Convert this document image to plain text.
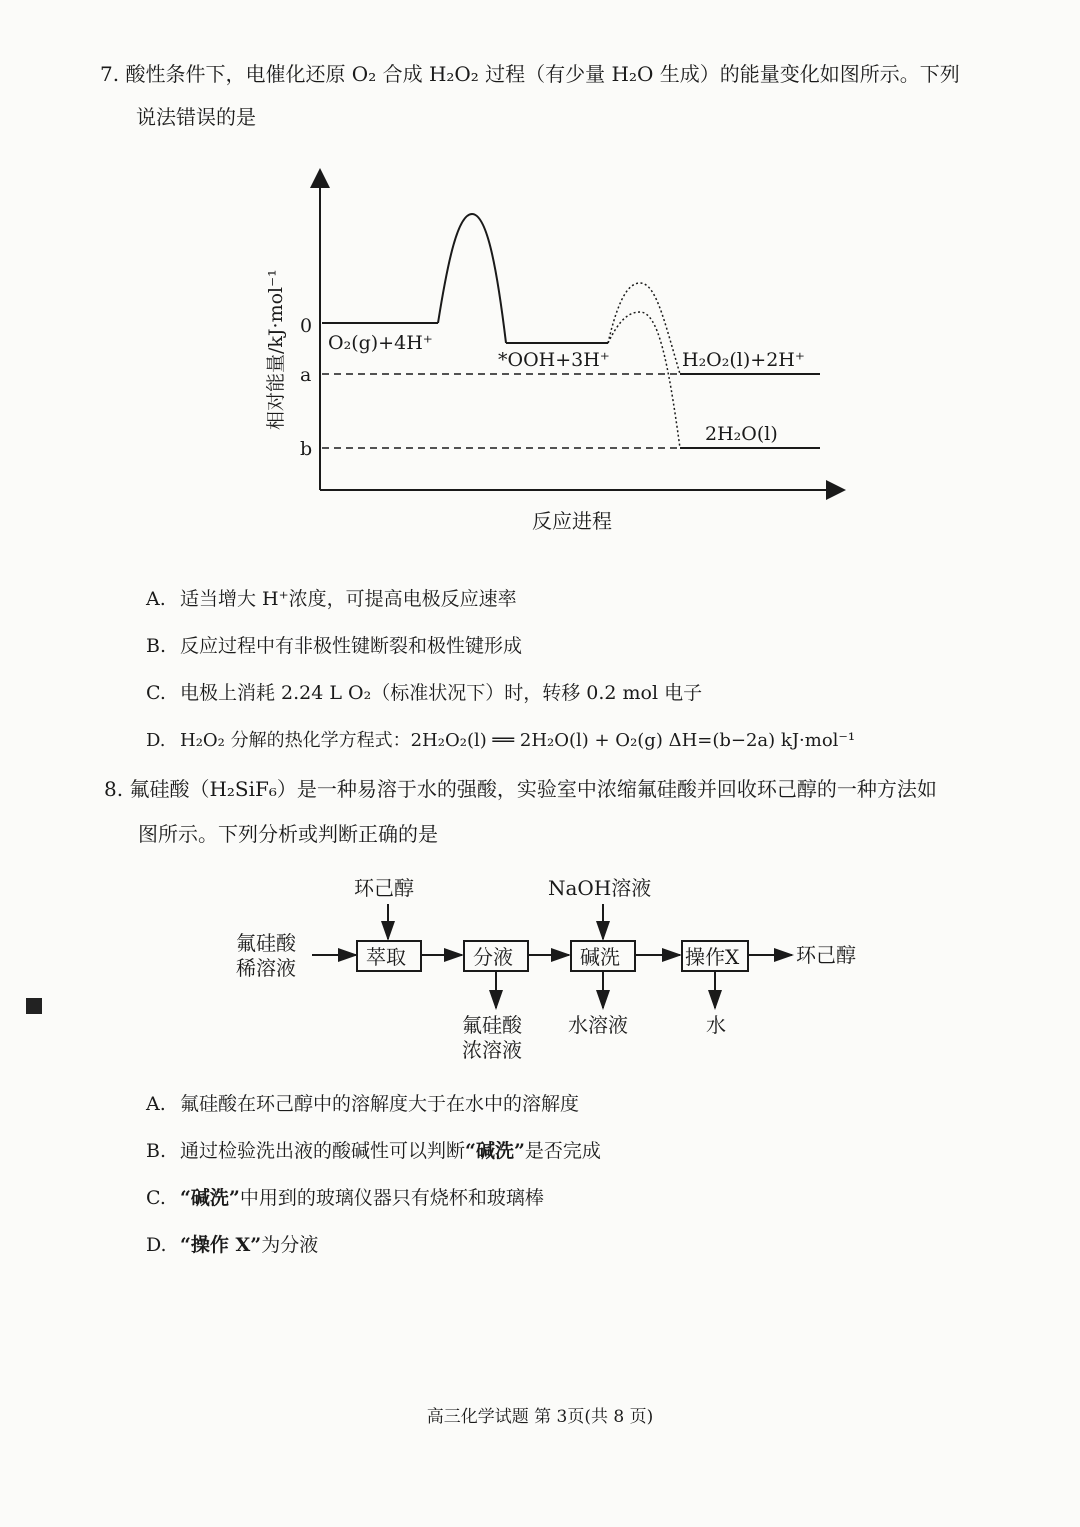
7. 酸性条件下，电催化还原 O₂ 合成 H₂O₂ 过程（有少量 H₂O 生成）的能量变化如图所示。下列
说法错误的是
0
a
b
相对能量/kJ·mol⁻¹
反应进程
O₂(g)+4H⁺
*OOH+3H⁺	H₂O₂(l)+2H⁺
2H₂O(l)
A. 适当增大 H⁺浓度，可提高电极反应速率
B. 反应过程中有非极性键断裂和极性键形成
C. 电极上消耗 2.24 L O₂（标准状况下）时，转移 0.2 mol 电子
D. H₂O₂ 分解的热化学方程式：2H₂O₂(l) ══ 2H₂O(l) + O₂(g) ΔH=(b−2a) kJ·mol⁻¹
8. 氟硅酸（H₂SiF₆）是一种易溶于水的强酸，实验室中浓缩氟硅酸并回收环己醇的一种方法如
图所示。下列分析或判断正确的是
氟硅酸
稀溶液
环己醇
萃取	分液
氟硅酸
浓溶液
NaOH溶液
碱洗
水溶液
操作X
水
环己醇
A. 氟硅酸在环己醇中的溶解度大于在水中的溶解度
B. 通过检验洗出液的酸碱性可以判断“碱洗”是否完成
C. “碱洗”中用到的玻璃仪器只有烧杯和玻璃棒
D. “操作 X”为分液
高三化学试题 第 3页(共 8 页)
